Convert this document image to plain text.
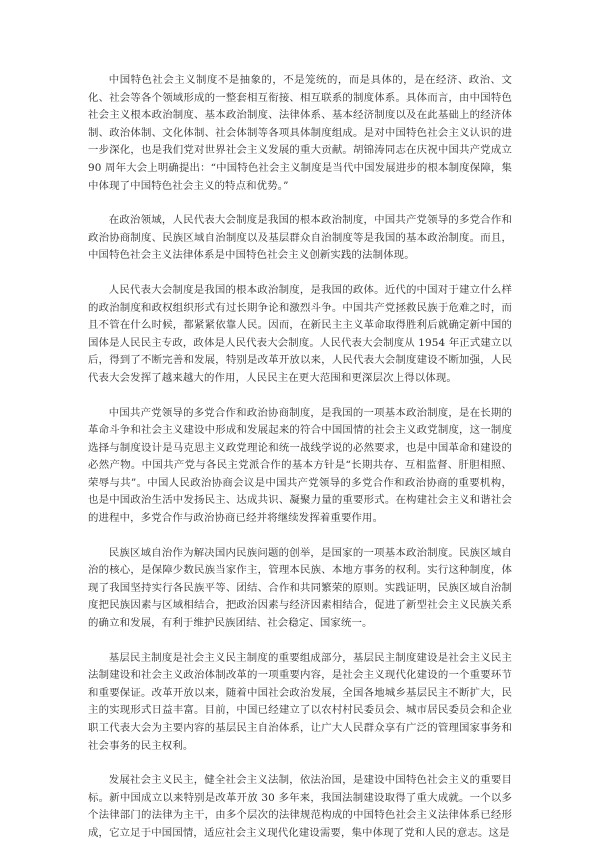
中国特色社会主义制度不是抽象的，不是笼统的，而是具体的，是在经济、政治、文化、社会等各个领域形成的一整套相互衔接、相互联系的制度体系。具体而言，由中国特色社会主义根本政治制度、基本政治制度、法律体系、基本经济制度以及在此基础上的经济体制、政治体制、文化体制、社会体制等各项具体制度组成。是对中国特色社会主义认识的进一步深化，也是我们党对世界社会主义发展的重大贡献。胡锦涛同志在庆祝中国共产党成立 90 周年大会上明确提出：“中国特色社会主义制度是当代中国发展进步的根本制度保障，集中体现了中国特色社会主义的特点和优势。”

在政治领域，人民代表大会制度是我国的根本政治制度，中国共产党领导的多党合作和政治协商制度、民族区域自治制度以及基层群众自治制度等是我国的基本政治制度。而且，中国特色社会主义法律体系是中国特色社会主义创新实践的法制体现。

人民代表大会制度是我国的根本政治制度，是我国的政体。近代的中国对于建立什么样的政治制度和政权组织形式有过长期争论和激烈斗争。中国共产党拯救民族于危难之时，而且不管在什么时候，都紧紧依靠人民。因而，在新民主主义革命取得胜利后就确定新中国的国体是人民民主专政，政体是人民代表大会制度。人民代表大会制度从 1954 年正式建立以后，得到了不断完善和发展，特别是改革开放以来，人民代表大会制度建设不断加强，人民代表大会发挥了越来越大的作用，人民民主在更大范围和更深层次上得以体现。

中国共产党领导的多党合作和政治协商制度，是我国的一项基本政治制度，是在长期的革命斗争和社会主义建设中形成和发展起来的符合中国国情的社会主义政党制度，这一制度选择与制度设计是马克思主义政党理论和统一战线学说的必然要求，也是中国革命和建设的必然产物。中国共产党与各民主党派合作的基本方针是“长期共存、互相监督、肝胆相照、荣辱与共”。中国人民政治协商会议是中国共产党领导的多党合作和政治协商的重要机构，也是中国政治生活中发扬民主、达成共识、凝聚力量的重要形式。在构建社会主义和谐社会的进程中，多党合作与政治协商已经并将继续发挥着重要作用。

民族区域自治作为解决国内民族问题的创举，是国家的一项基本政治制度。民族区域自治的核心，是保障少数民族当家作主，管理本民族、本地方事务的权利。实行这种制度，体现了我国坚持实行各民族平等、团结、合作和共同繁荣的原则。实践证明，民族区域自治制度把民族因素与区域相结合，把政治因素与经济因素相结合，促进了新型社会主义民族关系的确立和发展，有利于维护民族团结、社会稳定、国家统一。

基层民主制度是社会主义民主制度的重要组成部分，基层民主制度建设是社会主义民主法制建设和社会主义政治体制改革的一项重要内容，是社会主义现代化建设的一个重要环节和重要保证。改革开放以来，随着中国社会政治发展，全国各地城乡基层民主不断扩大，民主的实现形式日益丰富。目前，中国已经建立了以农村村民委员会、城市居民委员会和企业职工代表大会为主要内容的基层民主自治体系，让广大人民群众享有广泛的管理国家事务和社会事务的民主权利。

发展社会主义民主，健全社会主义法制，依法治国，是建设中国特色社会主义的重要目标。新中国成立以来特别是改革开放 30 多年来，我国法制建设取得了重大成就。一个以多个法律部门的法律为主干，由多个层次的法律规范构成的中国特色社会主义法律体系已经形成，它立足于中国国情，适应社会主义现代化建设需要，集中体现了党和人民的意志。这是
